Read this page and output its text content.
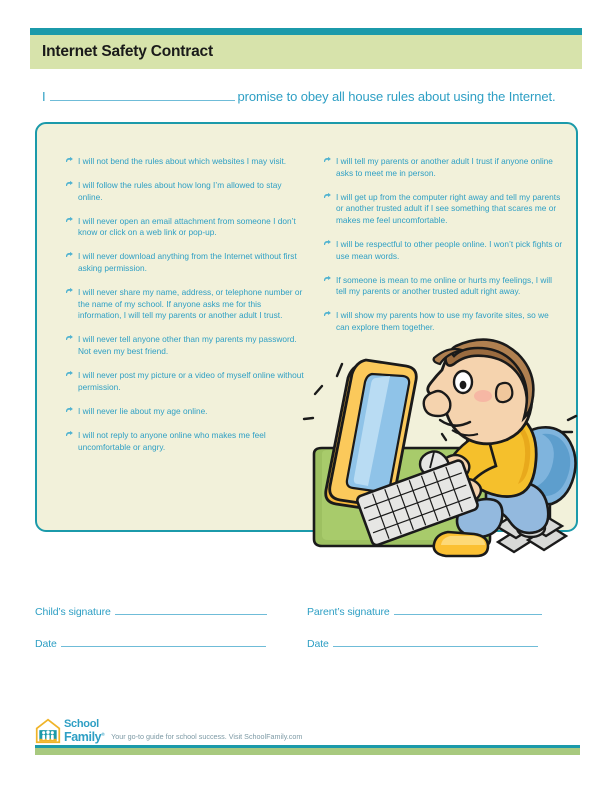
Internet Safety Contract
I	promise to obey all house rules about using the Internet.
I will not bend the rules about which websites I may visit.
I will follow the rules about how long I’m allowed to stay online.
I will never open an email attachment from someone I don’t know or click on a web link or pop-up.
I will never download anything from the Internet without first asking permission.
I will never share my name, address, or telephone number or the name of my school. If anyone asks me for this information, I will tell my parents or another adult I trust.
I will never tell anyone other than my parents my password. Not even my best friend.
I will never post my picture or a video of myself online without permission.
I will never lie about my age online.
I will not reply to anyone online who makes me feel uncomfortable or angry.
I will tell my parents or another adult I trust if anyone online asks to meet me in person.
I will get up from the computer right away and tell my parents or another trusted adult if I see something that scares me or makes me feel uncomfortable.
I will be respectful to other people online. I won’t pick fights or use mean words.
If someone is mean to me online or hurts my feelings, I will tell my parents or another trusted adult right away.
I will show my parents how to use my favorite sites, so we can explore them together.
Child’s signature
Date
Parent’s signature
Date
School
Family® Your go-to guide for school success. Visit SchoolFamily.com
